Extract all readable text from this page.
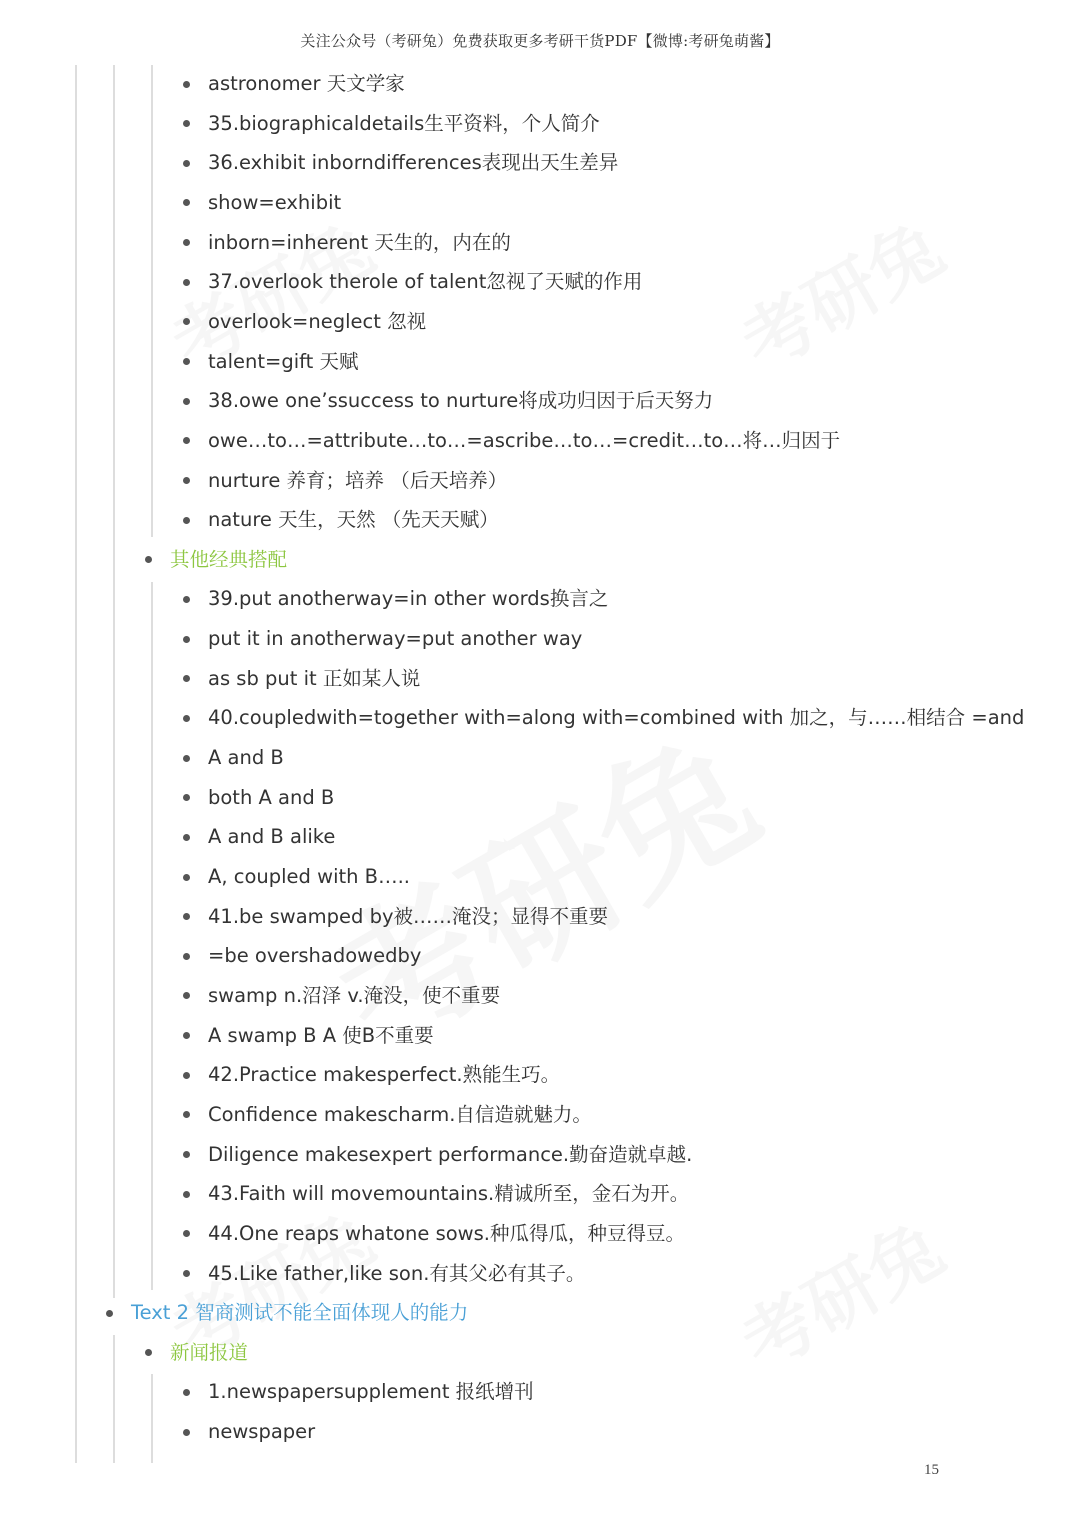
关注公众号（考研兔）免费获取更多考研干货PDF【微博:考研兔萌酱】
astronomer 天文学家
35.biographicaldetails生平资料，个人简介
36.exhibit inborndifferences表现出天生差异
show=exhibit
inborn=inherent 天生的，内在的
37.overlook therole of talent忽视了天赋的作用
overlook=neglect 忽视
talent=gift 天赋
38.owe one’ssuccess to nurture将成功归因于后天努力
owe…to…=attribute…to…=ascribe…to…=credit…to…将…归因于
nurture 养育；培养 （后天培养）
nature 天生，天然 （先天天赋）
其他经典搭配
39.put anotherway=in other words换言之
put it in anotherway=put another way
as sb put it 正如某人说
40.coupledwith=together with=along with=combined with 加之，与……相结合 =and
A and B
both A and B
A and B alike
A, coupled with B…..
41.be swamped by被……淹没；显得不重要
=be overshadowedby
swamp n.沼泽 v.淹没，使不重要
A swamp B A 使B不重要
42.Practice makesperfect.熟能生巧。
Confidence makescharm.自信造就魅力。
Diligence makesexpert performance.勤奋造就卓越.
43.Faith will movemountains.精诚所至，金石为开。
44.One reaps whatone sows.种瓜得瓜，种豆得豆。
45.Like father,like son.有其父必有其子。
Text 2 智商测试不能全面体现人的能力
新闻报道
1.newspapersupplement 报纸增刊
newspaper
15
